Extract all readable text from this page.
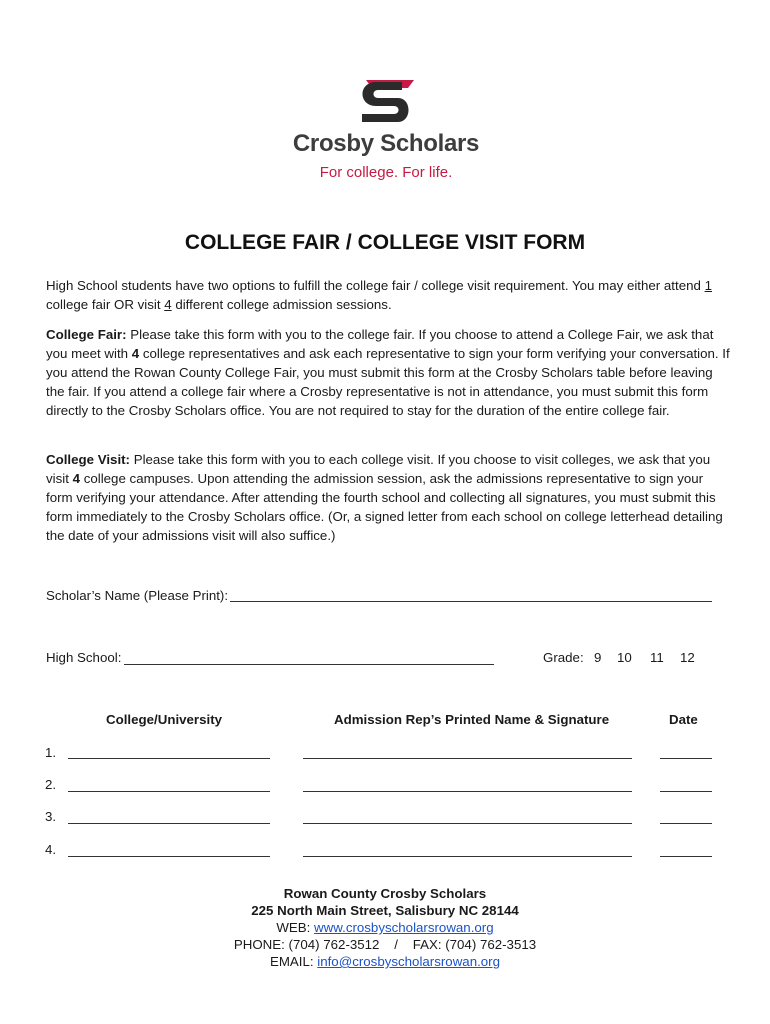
Crosby Scholars
For college. For life.
COLLEGE FAIR / COLLEGE VISIT FORM
High School students have two options to fulfill the college fair / college visit requirement. You may either attend 1 college fair OR visit 4 different college admission sessions.
College Fair: Please take this form with you to the college fair. If you choose to attend a College Fair, we ask that you meet with 4 college representatives and ask each representative to sign your form verifying your conversation. If you attend the Rowan County College Fair, you must submit this form at the Crosby Scholars table before leaving the fair. If you attend a college fair where a Crosby representative is not in attendance, you must submit this form directly to the Crosby Scholars office. You are not required to stay for the duration of the entire college fair.
College Visit: Please take this form with you to each college visit. If you choose to visit colleges, we ask that you visit 4 college campuses. Upon attending the admission session, ask the admissions representative to sign your form verifying your attendance. After attending the fourth school and collecting all signatures, you must submit this form immediately to the Crosby Scholars office. (Or, a signed letter from each school on college letterhead detailing the date of your admissions visit will also suffice.)
Scholar’s Name (Please Print):
High School:	Grade: 9 10 11 12
College/University	Admission Rep’s Printed Name & Signature	Date
1.
2.
3.
4.
Rowan County Crosby Scholars
225 North Main Street, Salisbury NC 28144
WEB: www.crosbyscholarsrowan.org
PHONE: (704) 762-3512    /    FAX: (704) 762-3513
EMAIL: info@crosbyscholarsrowan.org
